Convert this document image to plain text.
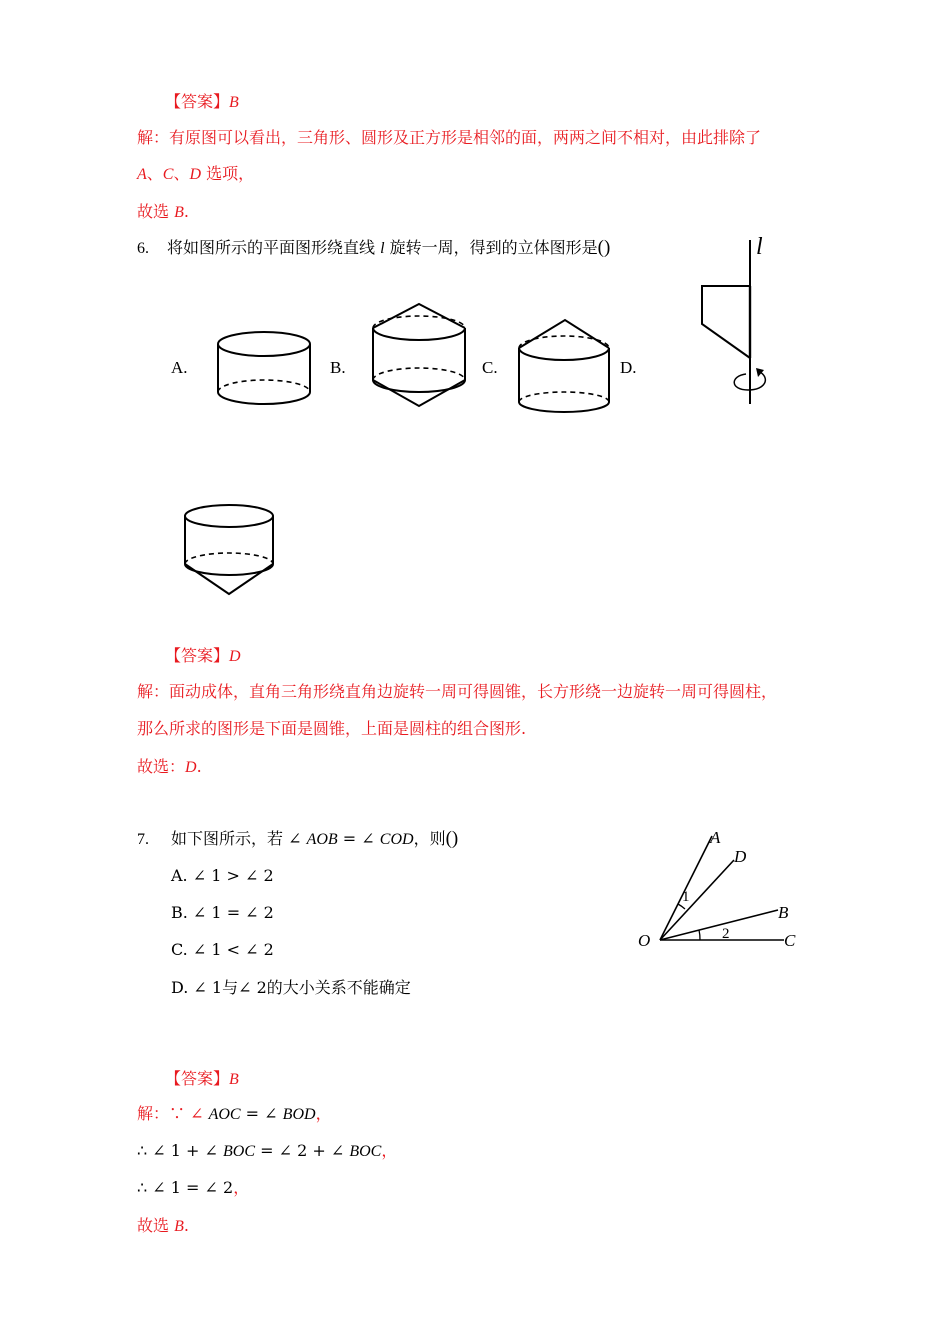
【答案】B
解：有原图可以看出，三角形、圆形及正方形是相邻的面，两两之间不相对，由此排除了
A、C、D 选项，
故选 B.
6. 将如图所示的平面图形绕直线 l 旋转一周，得到的立体图形是()	l
A.	B.	C.	D.
【答案】D
解：面动成体，直角三角形绕直角边旋转一周可得圆锥，长方形绕一边旋转一周可得圆柱，
那么所求的图形是下面是圆锥，上面是圆柱的组合图形.
故选：D.
7. 如下图所示，若 ∠ AOB = ∠ COD，则()
A. ∠ 1 > ∠ 2
B. ∠ 1 = ∠ 2
C. ∠ 1 < ∠ 2
D. ∠ 1与∠ 2的大小关系不能确定
A
D
B
C
O
1
2
【答案】B
解：∵ ∠ AOC = ∠ BOD，
∴ ∠ 1 + ∠ BOC = ∠ 2 + ∠ BOC，
∴ ∠ 1 = ∠ 2，
故选 B.
